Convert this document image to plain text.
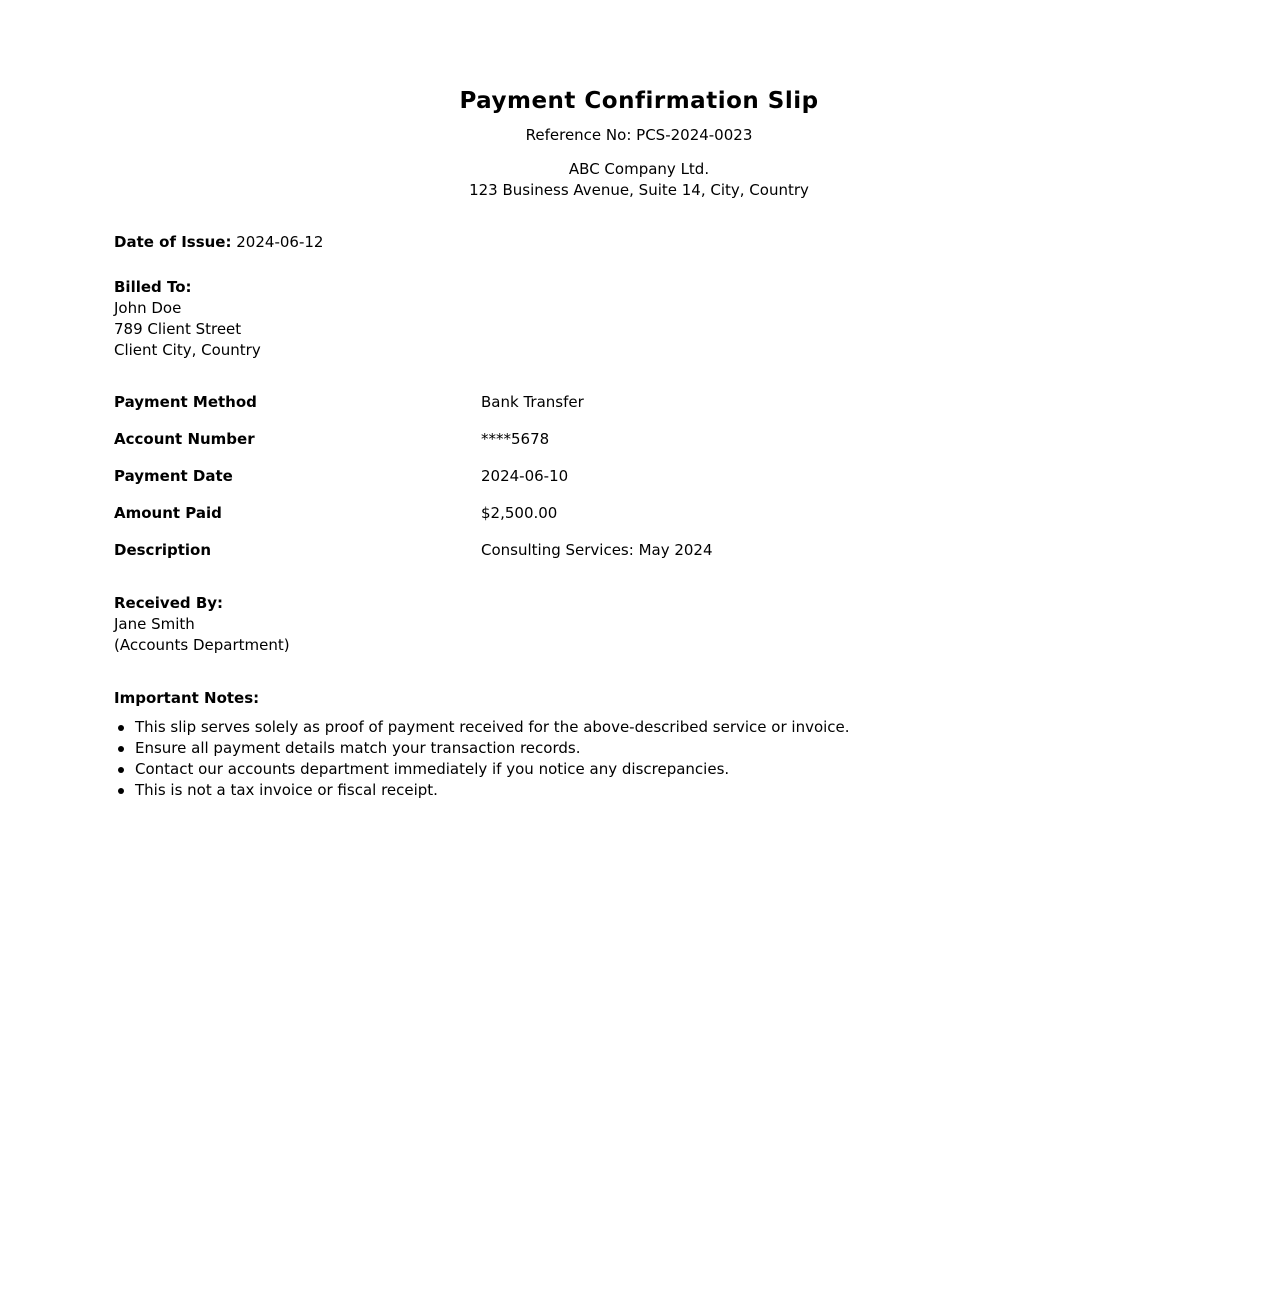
Payment Confirmation Slip
Reference No: PCS-2024-0023
ABC Company Ltd.
123 Business Avenue, Suite 14, City, Country
Date of Issue: 2024-06-12
Billed To:
John Doe
789 Client Street
Client City, Country
Payment Method	Bank Transfer
Account Number	****5678
Payment Date	2024-06-10
Amount Paid	$2,500.00
Description	Consulting Services: May 2024
Received By:
Jane Smith
(Accounts Department)
Important Notes:
This slip serves solely as proof of payment received for the above-described service or invoice.
Ensure all payment details match your transaction records.
Contact our accounts department immediately if you notice any discrepancies.
This is not a tax invoice or fiscal receipt.
